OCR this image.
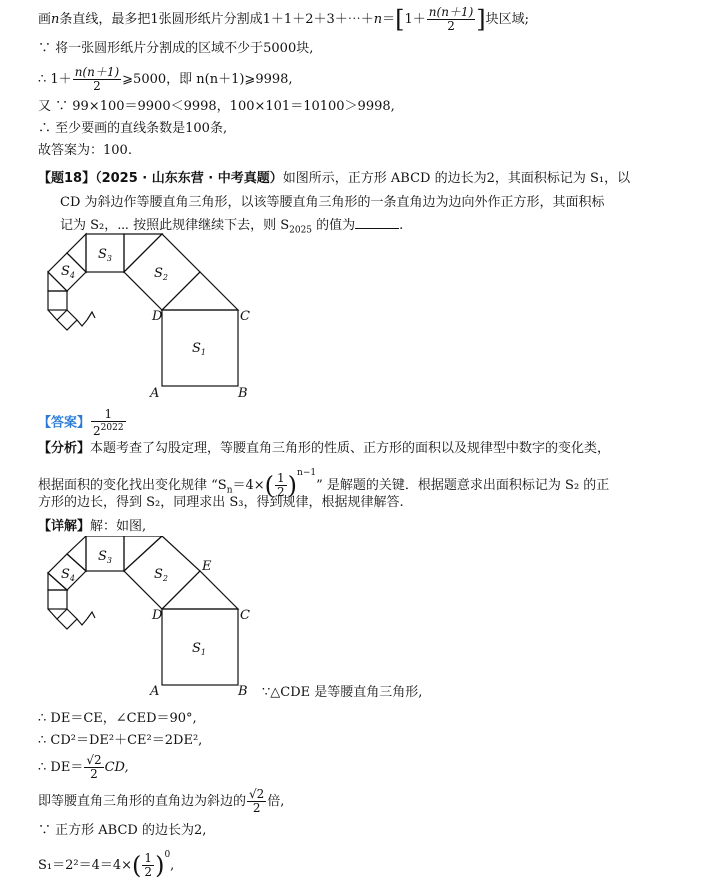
画n条直线，最多把1张圆形纸片分割成1＋1＋2＋3＋⋯＋n＝[1＋ $\frac{n(n+1)}{2}$ ]块区域;
∵ 将一张圆形纸片分割成的区域不少于5000块,
∴ $1+ \frac{n(n+1)}{2}$ ⩾5000，即 n(n＋1)⩾9998,
又 ∵ 99×100＝9900＜9998，100×101＝10100＞9998,
∴ 至少要画的直线条数是100条,
故答案为：100.
【题18】（2025 · 山东东营 · 中考真题）如图所示，正方形 ABCD 的边长为2，其面积标记为 S₁，以
CD 为斜边作等腰直角三角形，以该等腰直角三角形的一条直角边为边向外作正方形，其面积标
记为 S₂，⋯ 按照此规律继续下去，则 $S_{2025}$ 的值为	.
D	C
A	B
$S_1$
$S_2$
$S_3$
$S_4$
【答案】 $\frac{1}{2^{2022}}$
【分析】本题考查了勾股定理，等腰直角三角形的性质、正方形的面积以及规律型中数字的变化类，
根据面积的变化找出变化规律 “$S_n=4\times( \frac{1}{2} )^{n-1}$” 是解题的关键．根据题意求出面积标记为 S₂ 的正
方形的边长，得到 S₂，同理求出 S₃，得到规律，根据规律解答.
【详解】解：如图,
E
D	C
A	B
$S_1$
$S_2$
$S_3$
$S_4$
∵△CDE 是等腰直角三角形,
∴ DE＝CE，∠CED＝90°,
∴ CD²＝DE²＋CE²＝2DE²,
∴ $DE= \frac{√2}{2}$ CD,
即等腰直角三角形的直角边为斜边的 $\frac{√2}{2}$ 倍,
∵ 正方形 ABCD 的边长为2,
$S_1=2^2=4=4\times( \frac{1}{2} )^0$,
